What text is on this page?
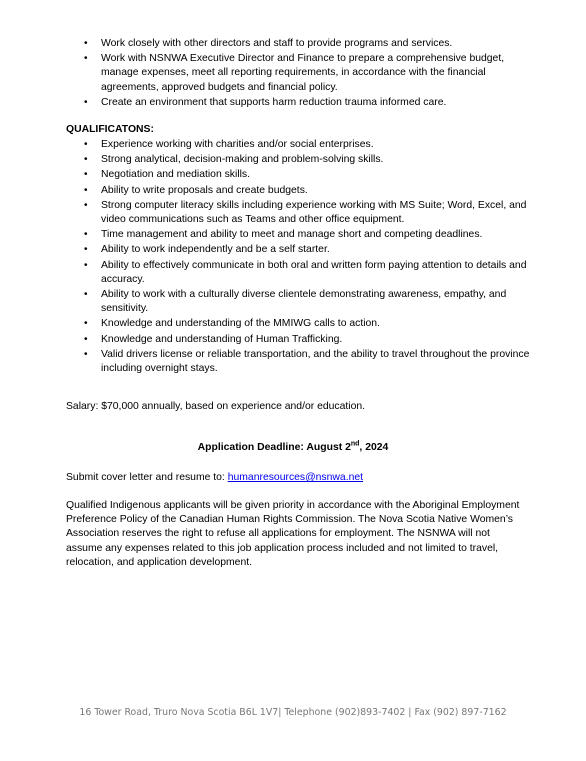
• Work closely with other directors and staff to provide programs and services.
• Work with NSNWA Executive Director and Finance to prepare a comprehensive budget, manage expenses, meet all reporting requirements, in accordance with the financial agreements, approved budgets and financial policy.
• Create an environment that supports harm reduction trauma informed care.
QUALIFICATONS:
• Experience working with charities and/or social enterprises.
• Strong analytical, decision-making and problem-solving skills.
• Negotiation and mediation skills.
• Ability to write proposals and create budgets.
• Strong computer literacy skills including experience working with MS Suite; Word, Excel, and video communications such as Teams and other office equipment.
• Time management and ability to meet and manage short and competing deadlines.
• Ability to work independently and be a self starter.
• Ability to effectively communicate in both oral and written form paying attention to details and accuracy.
• Ability to work with a culturally diverse clientele demonstrating awareness, empathy, and sensitivity.
• Knowledge and understanding of the MMIWG calls to action.
• Knowledge and understanding of Human Trafficking.
• Valid drivers license or reliable transportation, and the ability to travel throughout the province including overnight stays.
Salary: $70,000 annually, based on experience and/or education.
Application Deadline: August 2nd, 2024
Submit cover letter and resume to: humanresources@nsnwa.net
Qualified Indigenous applicants will be given priority in accordance with the Aboriginal Employment Preference Policy of the Canadian Human Rights Commission. The Nova Scotia Native Women’s Association reserves the right to refuse all applications for employment. The NSNWA will not assume any expenses related to this job application process included and not limited to travel, relocation, and application development.
16 Tower Road, Truro Nova Scotia B6L 1V7| Telephone (902)893-7402 | Fax (902) 897-7162
